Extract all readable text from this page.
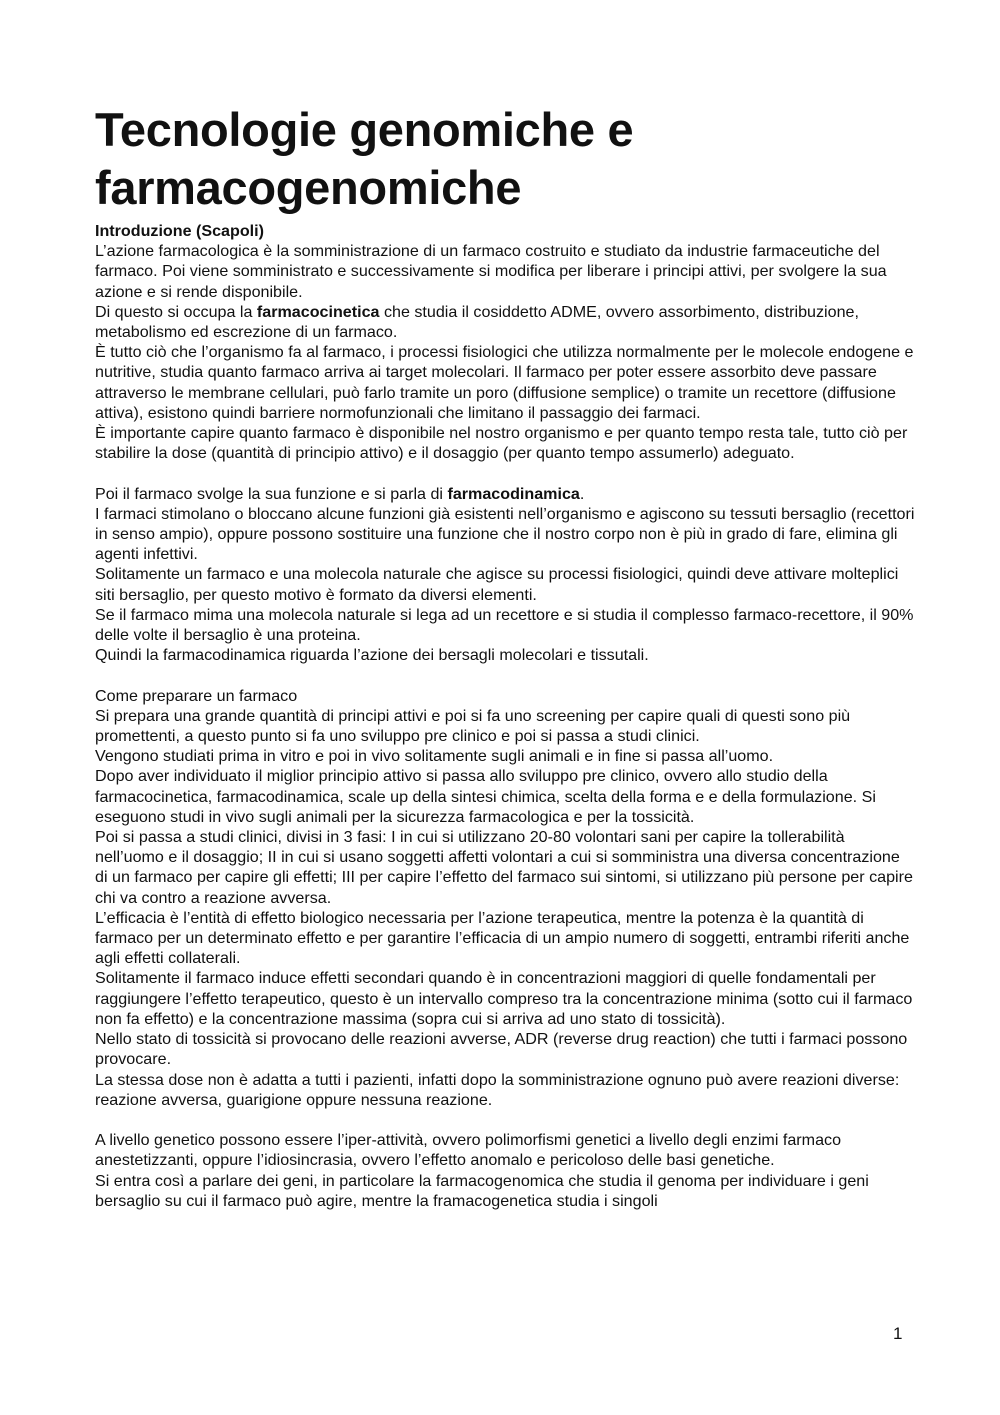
Tecnologie genomiche e
farmacogenomiche

Introduzione (Scapoli)

L’azione farmacologica è la somministrazione di un farmaco costruito e studiato da industrie farmaceutiche del farmaco. Poi viene somministrato e successivamente si modifica per liberare i principi attivi, per svolgere la sua azione e si rende disponibile.

Di questo si occupa la farmacocinetica che studia il cosiddetto ADME, ovvero assorbimento, distribuzione, metabolismo ed escrezione di un farmaco.

È tutto ciò che l’organismo fa al farmaco, i processi fisiologici che utilizza normalmente per le molecole endogene e nutritive, studia quanto farmaco arriva ai target molecolari. Il farmaco per poter essere assorbito deve passare attraverso le membrane cellulari, può farlo tramite un poro (diffusione semplice) o tramite un recettore (diffusione attiva), esistono quindi barriere normofunzionali che limitano il passaggio dei farmaci.

È importante capire quanto farmaco è disponibile nel nostro organismo e per quanto tempo resta tale, tutto ciò per stabilire la dose (quantità di principio attivo) e il dosaggio (per quanto tempo assumerlo) adeguato.

Poi il farmaco svolge la sua funzione e si parla di farmacodinamica.

I farmaci stimolano o bloccano alcune funzioni già esistenti nell’organismo e agiscono su tessuti bersaglio (recettori in senso ampio), oppure possono sostituire una funzione che il nostro corpo non è più in grado di fare, elimina gli agenti infettivi.

Solitamente un farmaco e una molecola naturale che agisce su processi fisiologici, quindi deve attivare molteplici siti bersaglio, per questo motivo è formato da diversi elementi.

Se il farmaco mima una molecola naturale si lega ad un recettore e si studia il complesso farmaco-recettore, il 90% delle volte il bersaglio è una proteina.

Quindi la farmacodinamica riguarda l’azione dei bersagli molecolari e tissutali.

Come preparare un farmaco

Si prepara una grande quantità di principi attivi e poi si fa uno screening per capire quali di questi sono più promettenti, a questo punto si fa uno sviluppo pre clinico e poi si passa a studi clinici.

Vengono studiati prima in vitro e poi in vivo solitamente sugli animali e in fine si passa all’uomo.

Dopo aver individuato il miglior principio attivo si passa allo sviluppo pre clinico, ovvero allo studio della farmacocinetica, farmacodinamica, scale up della sintesi chimica, scelta della forma e e della formulazione. Si eseguono studi in vivo sugli animali per la sicurezza farmacologica e per la tossicità.

Poi si passa a studi clinici, divisi in 3 fasi: I in cui si utilizzano 20-80 volontari sani per capire la tollerabilità nell’uomo e il dosaggio; II in cui si usano soggetti affetti volontari a cui si somministra una diversa concentrazione di un farmaco per capire gli effetti; III per capire l’effetto del farmaco sui sintomi, si utilizzano più persone per capire chi va contro a reazione avversa.

L’efficacia è l’entità di effetto biologico necessaria per l’azione terapeutica, mentre la potenza è la quantità di farmaco per un determinato effetto e per garantire l’efficacia di un ampio numero di soggetti, entrambi riferiti anche agli effetti collaterali.

Solitamente il farmaco induce effetti secondari quando è in concentrazioni maggiori di quelle fondamentali per raggiungere l’effetto terapeutico, questo è un intervallo compreso tra la concentrazione minima (sotto cui il farmaco non fa effetto) e la concentrazione massima (sopra cui si arriva ad uno stato di tossicità).

Nello stato di tossicità si provocano delle reazioni avverse, ADR (reverse drug reaction) che tutti i farmaci possono provocare.

La stessa dose non è adatta a tutti i pazienti, infatti dopo la somministrazione ognuno può avere reazioni diverse: reazione avversa, guarigione oppure nessuna reazione.

A livello genetico possono essere l’iper-attività, ovvero polimorfismi genetici a livello degli enzimi farmaco anestetizzanti, oppure l’idiosincrasia, ovvero l’effetto anomalo e pericoloso delle basi genetiche.

Si entra così a parlare dei geni, in particolare la farmacogenomica che studia il genoma per individuare i geni bersaglio su cui il farmaco può agire, mentre la framacogenetica studia i singoli

1
